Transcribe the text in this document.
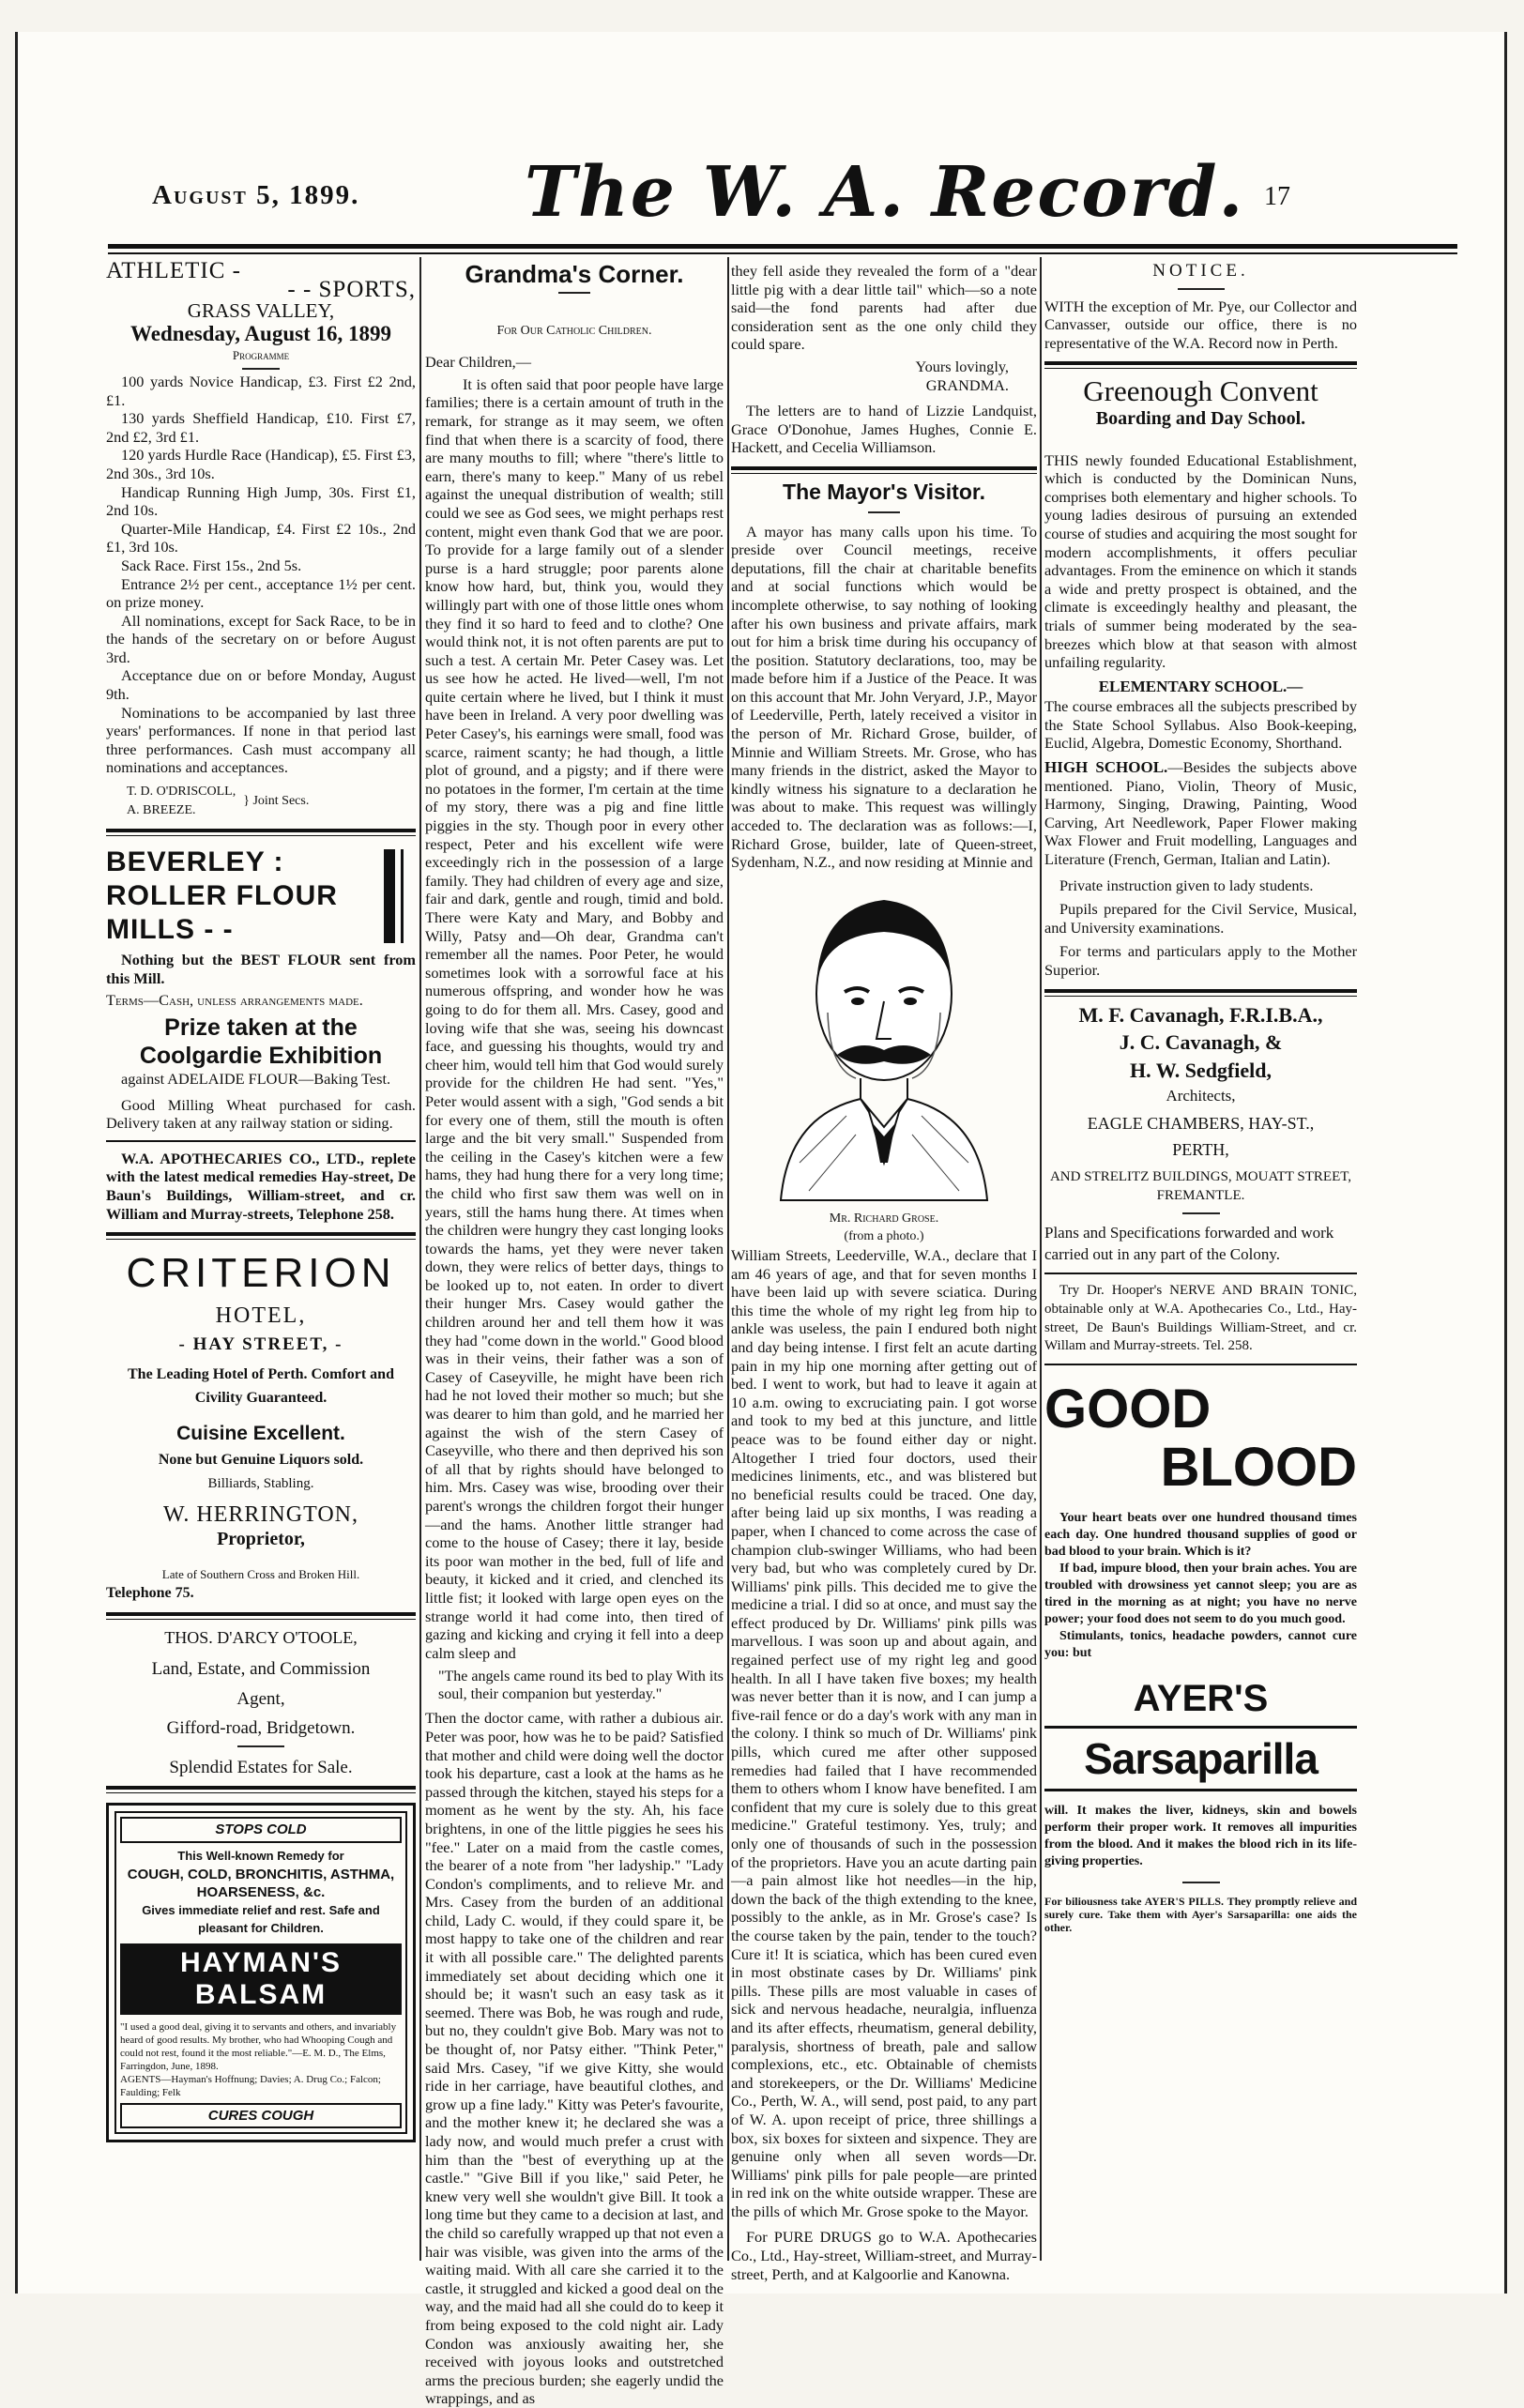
August 5, 1899. The W. A. Record. 17
ATHLETIC -
- - SPORTS,
GRASS VALLEY,
Wednesday, August 16, 1899
Programme

100 yards Novice Handicap, £3. First £2 2nd, £1.

130 yards Sheffield Handicap, £10. First £7, 2nd £2, 3rd £1.

120 yards Hurdle Race (Handicap), £5. First £3, 2nd 30s., 3rd 10s.

Handicap Running High Jump, 30s. First £1, 2nd 10s.

Quarter-Mile Handicap, £4. First £2 10s., 2nd £1, 3rd 10s.

Sack Race. First 15s., 2nd 5s.

Entrance 2½ per cent., acceptance 1½ per cent. on prize money.

All nominations, except for Sack Race, to be in the hands of the secretary on or before August 3rd.

Acceptance due on or before Monday, August 9th.

Nominations to be accompanied by last three years' performances. If none in that period last three performances. Cash must accompany all nominations and acceptances.

T. D. O'DRISCOLL,
A. BREEZE.
} Joint Secs.
BEVERLEY :
ROLLER FLOUR
MILLS - -

Nothing but the BEST FLOUR sent from this Mill.

Terms—Cash, unless arrangements made.

Prize taken at the Coolgardie Exhibition

against ADELAIDE FLOUR—Baking Test.

Good Milling Wheat purchased for cash. Delivery taken at any railway station or siding.

W.A. APOTHECARIES CO., LTD., replete with the latest medical remedies Hay-street, De Baun's Buildings, William-street, and cr. William and Murray-streets, Telephone 258.

CRITERION
HOTEL,
- HAY STREET, -
The Leading Hotel of Perth. Comfort and Civility Guaranteed.
Cuisine Excellent.
None but Genuine Liquors sold.
Billiards, Stabling.
W. HERRINGTON,
Proprietor,
Late of Southern Cross and Broken Hill.
Telephone 75.
THOS. D'ARCY O'TOOLE,
Land, Estate, and Commission
Agent,
Gifford-road, Bridgetown.
Splendid Estates for Sale.
STOPS COLD
This Well-known Remedy for
COUGH, COLD, BRONCHITIS, ASTHMA, HOARSENESS, &c.
Gives immediate relief and rest. Safe and pleasant for Children.
HAYMAN'S
BALSAM
"I used a good deal, giving it to servants and others, and invariably heard of good results. My brother, who had Whooping Cough and could not rest, found it the most reliable."—E. M. D., The Elms, Farringdon, June, 1898.
AGENTS—Hayman's Hoffnung; Davies; A. Drug Co.; Falcon; Faulding; Felk
CURES COUGH
Grandma's Corner.
For Our Catholic Children.

Dear Children,—

It is often said that poor people have large families; there is a certain amount of truth in the remark, for strange as it may seem, we often find that when there is a scarcity of food, there are many mouths to fill; where "there's little to earn, there's many to keep." Many of us rebel against the unequal distribution of wealth; still could we see as God sees, we might perhaps rest content, might even thank God that we are poor. To provide for a large family out of a slender purse is a hard struggle; poor parents alone know how hard, but, think you, would they willingly part with one of those little ones whom they find it so hard to feed and to clothe? One would think not, it is not often parents are put to such a test. A certain Mr. Peter Casey was. Let us see how he acted. He lived—well, I'm not quite certain where he lived, but I think it must have been in Ireland. A very poor dwelling was Peter Casey's, his earnings were small, food was scarce, raiment scanty; he had though, a little plot of ground, and a pigsty; and if there were no potatoes in the former, I'm certain at the time of my story, there was a pig and fine little piggies in the sty. Though poor in every other respect, Peter and his excellent wife were exceedingly rich in the possession of a large family. They had children of every age and size, fair and dark, gentle and rough, timid and bold. There were Katy and Mary, and Bobby and Willy, Patsy and—Oh dear, Grandma can't remember all the names. Poor Peter, he would sometimes look with a sorrowful face at his numerous offspring, and wonder how he was going to do for them all. Mrs. Casey, good and loving wife that she was, seeing his downcast face, and guessing his thoughts, would try and cheer him, would tell him that God would surely provide for the children He had sent. "Yes," Peter would assent with a sigh, "God sends a bit for every one of them, still the mouth is often large and the bit very small." Suspended from the ceiling in the Casey's kitchen were a few hams, they had hung there for a very long time; the child who first saw them was well on in years, still the hams hung there. At times when the children were hungry they cast longing looks towards the hams, yet they were never taken down, they were relics of better days, things to be looked up to, not eaten. In order to divert their hunger Mrs. Casey would gather the children around her and tell them how it was they had "come down in the world." Good blood was in their veins, their father was a son of Casey of Caseyville, he might have been rich had he not loved their mother so much; but she was dearer to him than gold, and he married her against the wish of the stern Casey of Caseyville, who there and then deprived his son of all that by rights should have belonged to him. Mrs. Casey was wise, brooding over their parent's wrongs the children forgot their hunger—and the hams. Another little stranger had come to the house of Casey; there it lay, beside its poor wan mother in the bed, full of life and beauty, it kicked and it cried, and clenched its little fist; it looked with large open eyes on the strange world it had come into, then tired of gazing and kicking and crying it fell into a deep calm sleep and

"The angels came round its bed to play With its soul, their companion but yesterday."

Then the doctor came, with rather a dubious air. Peter was poor, how was he to be paid? Satisfied that mother and child were doing well the doctor took his departure, cast a look at the hams as he passed through the kitchen, stayed his steps for a moment as he went by the sty. Ah, his face brightens, in one of the little piggies he sees his "fee." Later on a maid from the castle comes, the bearer of a note from "her ladyship." "Lady Condon's compliments, and to relieve Mr. and Mrs. Casey from the burden of an additional child, Lady C. would, if they could spare it, be most happy to take one of the children and rear it with all possible care." The delighted parents immediately set about deciding which one it should be; it wasn't such an easy task as it seemed. There was Bob, he was rough and rude, but no, they couldn't give Bob. Mary was not to be thought of, nor Patsy either. "Think Peter," said Mrs. Casey, "if we give Kitty, she would ride in her carriage, have beautiful clothes, and grow up a fine lady." Kitty was Peter's favourite, and the mother knew it; he declared she was a lady now, and would much prefer a crust with him than the "best of everything up at the castle." "Give Bill if you like," said Peter, he knew very well she wouldn't give Bill. It took a long time but they came to a decision at last, and the child so carefully wrapped up that not even a hair was visible, was given into the arms of the waiting maid. With all care she carried it to the castle, it struggled and kicked a good deal on the way, and the maid had all she could do to keep it from being exposed to the cold night air. Lady Condon was anxiously awaiting her, she received with joyous looks and outstretched arms the precious burden; she eagerly undid the wrappings, and as

they fell aside they revealed the form of a "dear little pig with a dear little tail" which—so a note said—the fond parents had after due consideration sent as the one only child they could spare.

Yours lovingly,
GRANDMA.

The letters are to hand of Lizzie Landquist, Grace O'Donohue, James Hughes, Connie E. Hackett, and Cecelia Williamson.

The Mayor's Visitor.

A mayor has many calls upon his time. To preside over Council meetings, receive deputations, fill the chair at charitable benefits and at social functions which would be incomplete otherwise, to say nothing of looking after his own business and private affairs, mark out for him a brisk time during his occupancy of the position. Statutory declarations, too, may be made before him if a Justice of the Peace. It was on this account that Mr. John Veryard, J.P., Mayor of Leederville, Perth, lately received a visitor in the person of Mr. Richard Grose, builder, of Minnie and William Streets. Mr. Grose, who has many friends in the district, asked the Mayor to kindly witness his signature to a declaration he was about to make. This request was willingly acceded to. The declaration was as follows:—I, Richard Grose, builder, late of Queen-street, Sydenham, N.Z., and now residing at Minnie and

Mr. Richard Grose.
(from a photo.)

William Streets, Leederville, W.A., declare that I am 46 years of age, and that for seven months I have been laid up with severe sciatica. During this time the whole of my right leg from hip to ankle was useless, the pain I endured both night and day being intense. I first felt an acute darting pain in my hip one morning after getting out of bed. I went to work, but had to leave it again at 10 a.m. owing to excruciating pain. I got worse and took to my bed at this juncture, and little peace was to be found either day or night. Altogether I tried four doctors, used their medicines liniments, etc., and was blistered but no beneficial results could be traced. One day, after being laid up six months, I was reading a paper, when I chanced to come across the case of champion club-swinger Williams, who had been very bad, but who was completely cured by Dr. Williams' pink pills. This decided me to give the medicine a trial. I did so at once, and must say the effect produced by Dr. Williams' pink pills was marvellous. I was soon up and about again, and regained perfect use of my right leg and good health. In all I have taken five boxes; my health was never better than it is now, and I can jump a five-rail fence or do a day's work with any man in the colony. I think so much of Dr. Williams' pink pills, which cured me after other supposed remedies had failed that I have recommended them to others whom I know have benefited. I am confident that my cure is solely due to this great medicine." Grateful testimony. Yes, truly; and only one of thousands of such in the possession of the proprietors. Have you an acute darting pain—a pain almost like hot needles—in the hip, down the back of the thigh extending to the knee, possibly to the ankle, as in Mr. Grose's case? Is the course taken by the pain, tender to the touch? Cure it! It is sciatica, which has been cured even in most obstinate cases by Dr. Williams' pink pills. These pills are most valuable in cases of sick and nervous headache, neuralgia, influenza and its after effects, rheumatism, general debility, paralysis, shortness of breath, pale and sallow complexions, etc., etc. Obtainable of chemists and storekeepers, or the Dr. Williams' Medicine Co., Perth, W. A., will send, post paid, to any part of W. A. upon receipt of price, three shillings a box, six boxes for sixteen and sixpence. They are genuine only when all seven words—Dr. Williams' pink pills for pale people—are printed in red ink on the white outside wrapper. These are the pills of which Mr. Grose spoke to the Mayor.

For PURE DRUGS go to W.A. Apothecaries Co., Ltd., Hay-street, William-street, and Murray-street, Perth, and at Kalgoorlie and Kanowna.

NOTICE.

WITH the exception of Mr. Pye, our Collector and Canvasser, outside our office, there is no representative of the W.A. Record now in Perth.

Greenough Convent
Boarding and Day School.

THIS newly founded Educational Establishment, which is conducted by the Dominican Nuns, comprises both elementary and higher schools. To young ladies desirous of pursuing an extended course of studies and acquiring the most sought for modern accomplishments, it offers peculiar advantages. From the eminence on which it stands a wide and pretty prospect is obtained, and the climate is exceedingly healthy and pleasant, the trials of summer being moderated by the sea-breezes which blow at that season with almost unfailing regularity.

ELEMENTARY SCHOOL.—

The course embraces all the subjects prescribed by the State School Syllabus. Also Book-keeping, Euclid, Algebra, Domestic Economy, Shorthand.

HIGH SCHOOL.—Besides the subjects above mentioned. Piano, Violin, Theory of Music, Harmony, Singing, Drawing, Painting, Wood Carving, Art Needlework, Paper Flower making Wax Flower and Fruit modelling, Languages and Literature (French, German, Italian and Latin).

Private instruction given to lady students.

Pupils prepared for the Civil Service, Musical, and University examinations.

For terms and particulars apply to the Mother Superior.

M. F. Cavanagh, F.R.I.B.A.,
J. C. Cavanagh, &
H. W. Sedgfield,
Architects,
EAGLE CHAMBERS, HAY-ST.,
PERTH,
AND STRELITZ BUILDINGS, MOUATT STREET, FREMANTLE.

Plans and Specifications forwarded and work carried out in any part of the Colony.

Try Dr. Hooper's NERVE AND BRAIN TONIC, obtainable only at W.A. Apothecaries Co., Ltd., Hay-street, De Baun's Buildings William-Street, and cr. Willam and Murray-streets. Tel. 258.

GOOD
BLOOD

Your heart beats over one hundred thousand times each day. One hundred thousand supplies of good or bad blood to your brain. Which is it?

If bad, impure blood, then your brain aches. You are troubled with drowsiness yet cannot sleep; you are as tired in the morning as at night; you have no nerve power; your food does not seem to do you much good.

Stimulants, tonics, headache powders, cannot cure you: but

AYER'S
Sarsaparilla

will. It makes the liver, kidneys, skin and bowels perform their proper work. It removes all impurities from the blood. And it makes the blood rich in its life-giving properties.

For biliousness take AYER'S PILLS. They promptly relieve and surely cure. Take them with Ayer's Sarsaparilla: one aids the other.
